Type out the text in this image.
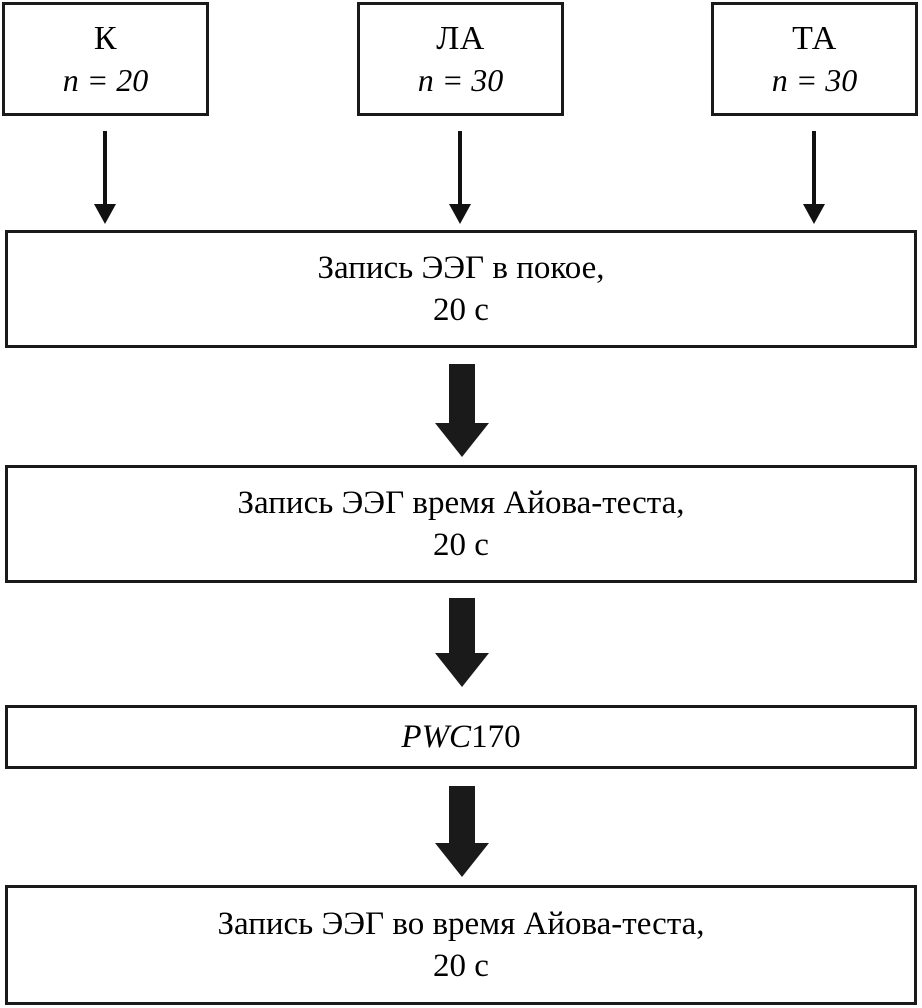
К
n = 20
ЛА
n = 30
ТА
n = 30
Запись ЭЭГ в покое,
20 с
Запись ЭЭГ время Айова-теста,
20 с
PWC170
Запись ЭЭГ во время Айова-теста,
20 с
